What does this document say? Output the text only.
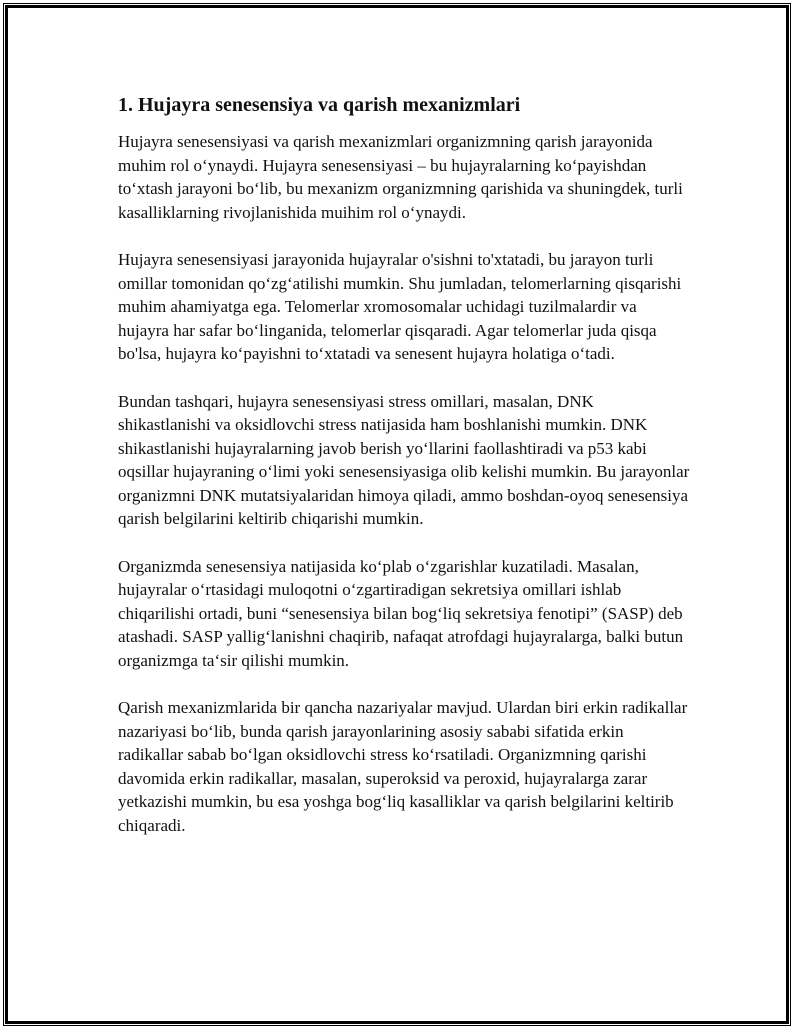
1. Hujayra senesensiya va qarish mexanizmlari

Hujayra senesensiyasi va qarish mexanizmlari organizmning qarish jarayonida muhim rol o‘ynaydi. Hujayra senesensiyasi – bu hujayralarning ko‘payishdan to‘xtash jarayoni bo‘lib, bu mexanizm organizmning qarishida va shuningdek, turli kasalliklarning rivojlanishida muihim rol o‘ynaydi.

Hujayra senesensiyasi jarayonida hujayralar o'sishni to'xtatadi, bu jarayon turli omillar tomonidan qo‘zg‘atilishi mumkin. Shu jumladan, telomerlarning qisqarishi muhim ahamiyatga ega. Telomerlar xromosomalar uchidagi tuzilmalardir va hujayra har safar bo‘linganida, telomerlar qisqaradi. Agar telomerlar juda qisqa bo'lsa, hujayra ko‘payishni to‘xtatadi va senesent hujayra holatiga o‘tadi.

Bundan tashqari, hujayra senesensiyasi stress omillari, masalan, DNK shikastlanishi va oksidlovchi stress natijasida ham boshlanishi mumkin. DNK shikastlanishi hujayralarning javob berish yo‘llarini faollashtiradi va p53 kabi oqsillar hujayraning o‘limi yoki senesensiyasiga olib kelishi mumkin. Bu jarayonlar organizmni DNK mutatsiyalaridan himoya qiladi, ammo boshdan-oyoq senesensiya qarish belgilarini keltirib chiqarishi mumkin.

Organizmda senesensiya natijasida ko‘plab o‘zgarishlar kuzatiladi. Masalan, hujayralar o‘rtasidagi muloqotni o‘zgartiradigan sekretsiya omillari ishlab chiqarilishi ortadi, buni “senesensiya bilan bog‘liq sekretsiya fenotipi” (SASP) deb atashadi. SASP yallig‘lanishni chaqirib, nafaqat atrofdagi hujayralarga, balki butun organizmga ta‘sir qilishi mumkin.

Qarish mexanizmlarida bir qancha nazariyalar mavjud. Ulardan biri erkin radikallar nazariyasi bo‘lib, bunda qarish jarayonlarining asosiy sababi sifatida erkin radikallar sabab bo‘lgan oksidlovchi stress ko‘rsatiladi. Organizmning qarishi davomida erkin radikallar, masalan, superoksid va peroxid, hujayralarga zarar yetkazishi mumkin, bu esa yoshga bog‘liq kasalliklar va qarish belgilarini keltirib chiqaradi.
